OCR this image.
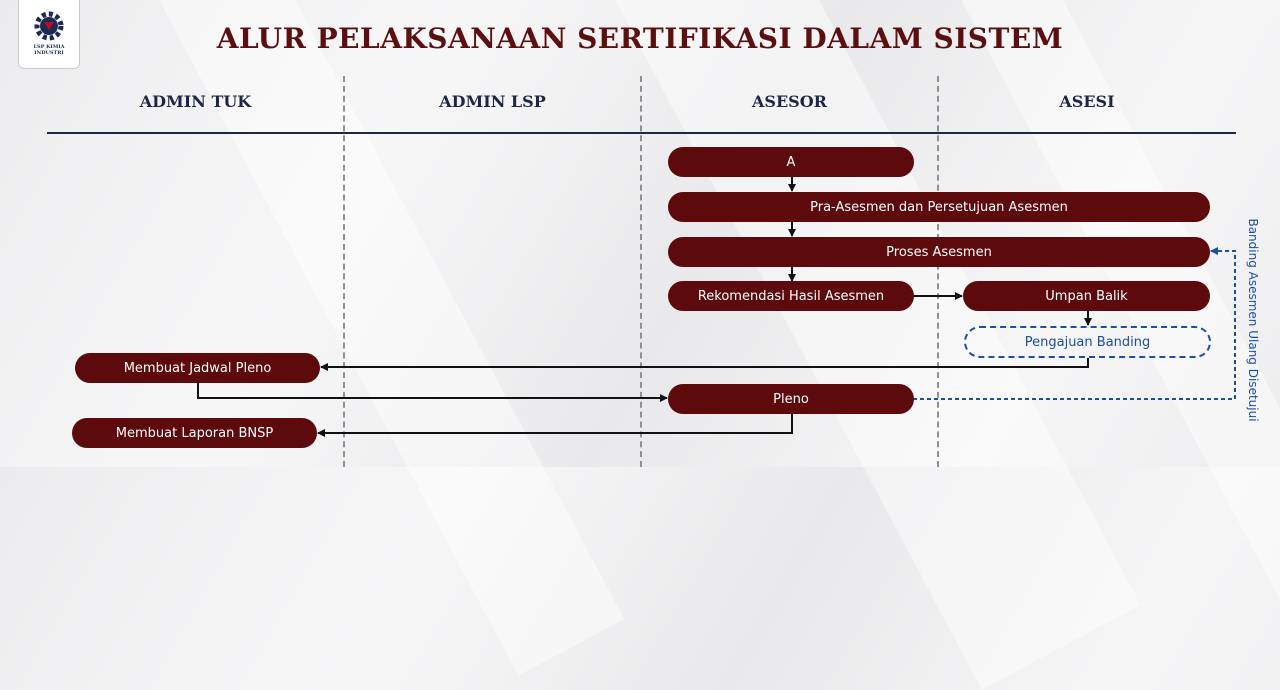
LSP KIMIA INDUSTRI	ALUR PELAKSANAAN SERTIFIKASI DALAM SISTEM
ADMIN TUK	ADMIN LSP	ASESOR	ASESI
A
Pra-Asesmen dan Persetujuan Asesmen
Proses Asesmen
Rekomendasi Hasil Asesmen	Umpan Balik
Pengajuan Banding
Membuat Jadwal Pleno
Pleno
Membuat Laporan BNSP
Banding Asesmen Ulang Disetujui
